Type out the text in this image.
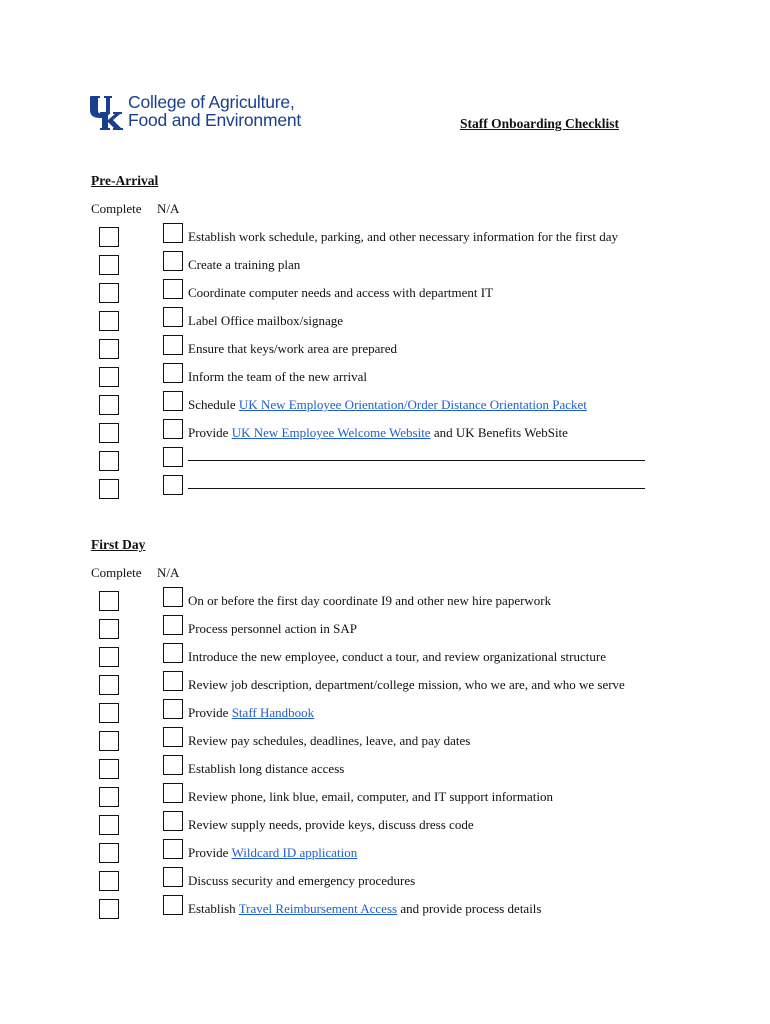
College of Agriculture,
Food and Environment	Staff Onboarding Checklist
Pre-Arrival
Complete N/A
Establish work schedule, parking, and other necessary information for the first day
Create a training plan
Coordinate computer needs and access with department IT
Label Office mailbox/signage
Ensure that keys/work area are prepared
Inform the team of the new arrival
Schedule UK New Employee Orientation/Order Distance Orientation Packet
Provide UK New Employee Welcome Website and UK Benefits WebSite
First Day
Complete N/A
On or before the first day coordinate I9 and other new hire paperwork
Process personnel action in SAP
Introduce the new employee, conduct a tour, and review organizational structure
Review job description, department/college mission, who we are, and who we serve
Provide Staff Handbook
Review pay schedules, deadlines, leave, and pay dates
Establish long distance access
Review phone, link blue, email, computer, and IT support information
Review supply needs, provide keys, discuss dress code
Provide Wildcard ID application
Discuss security and emergency procedures
Establish Travel Reimbursement Access and provide process details
